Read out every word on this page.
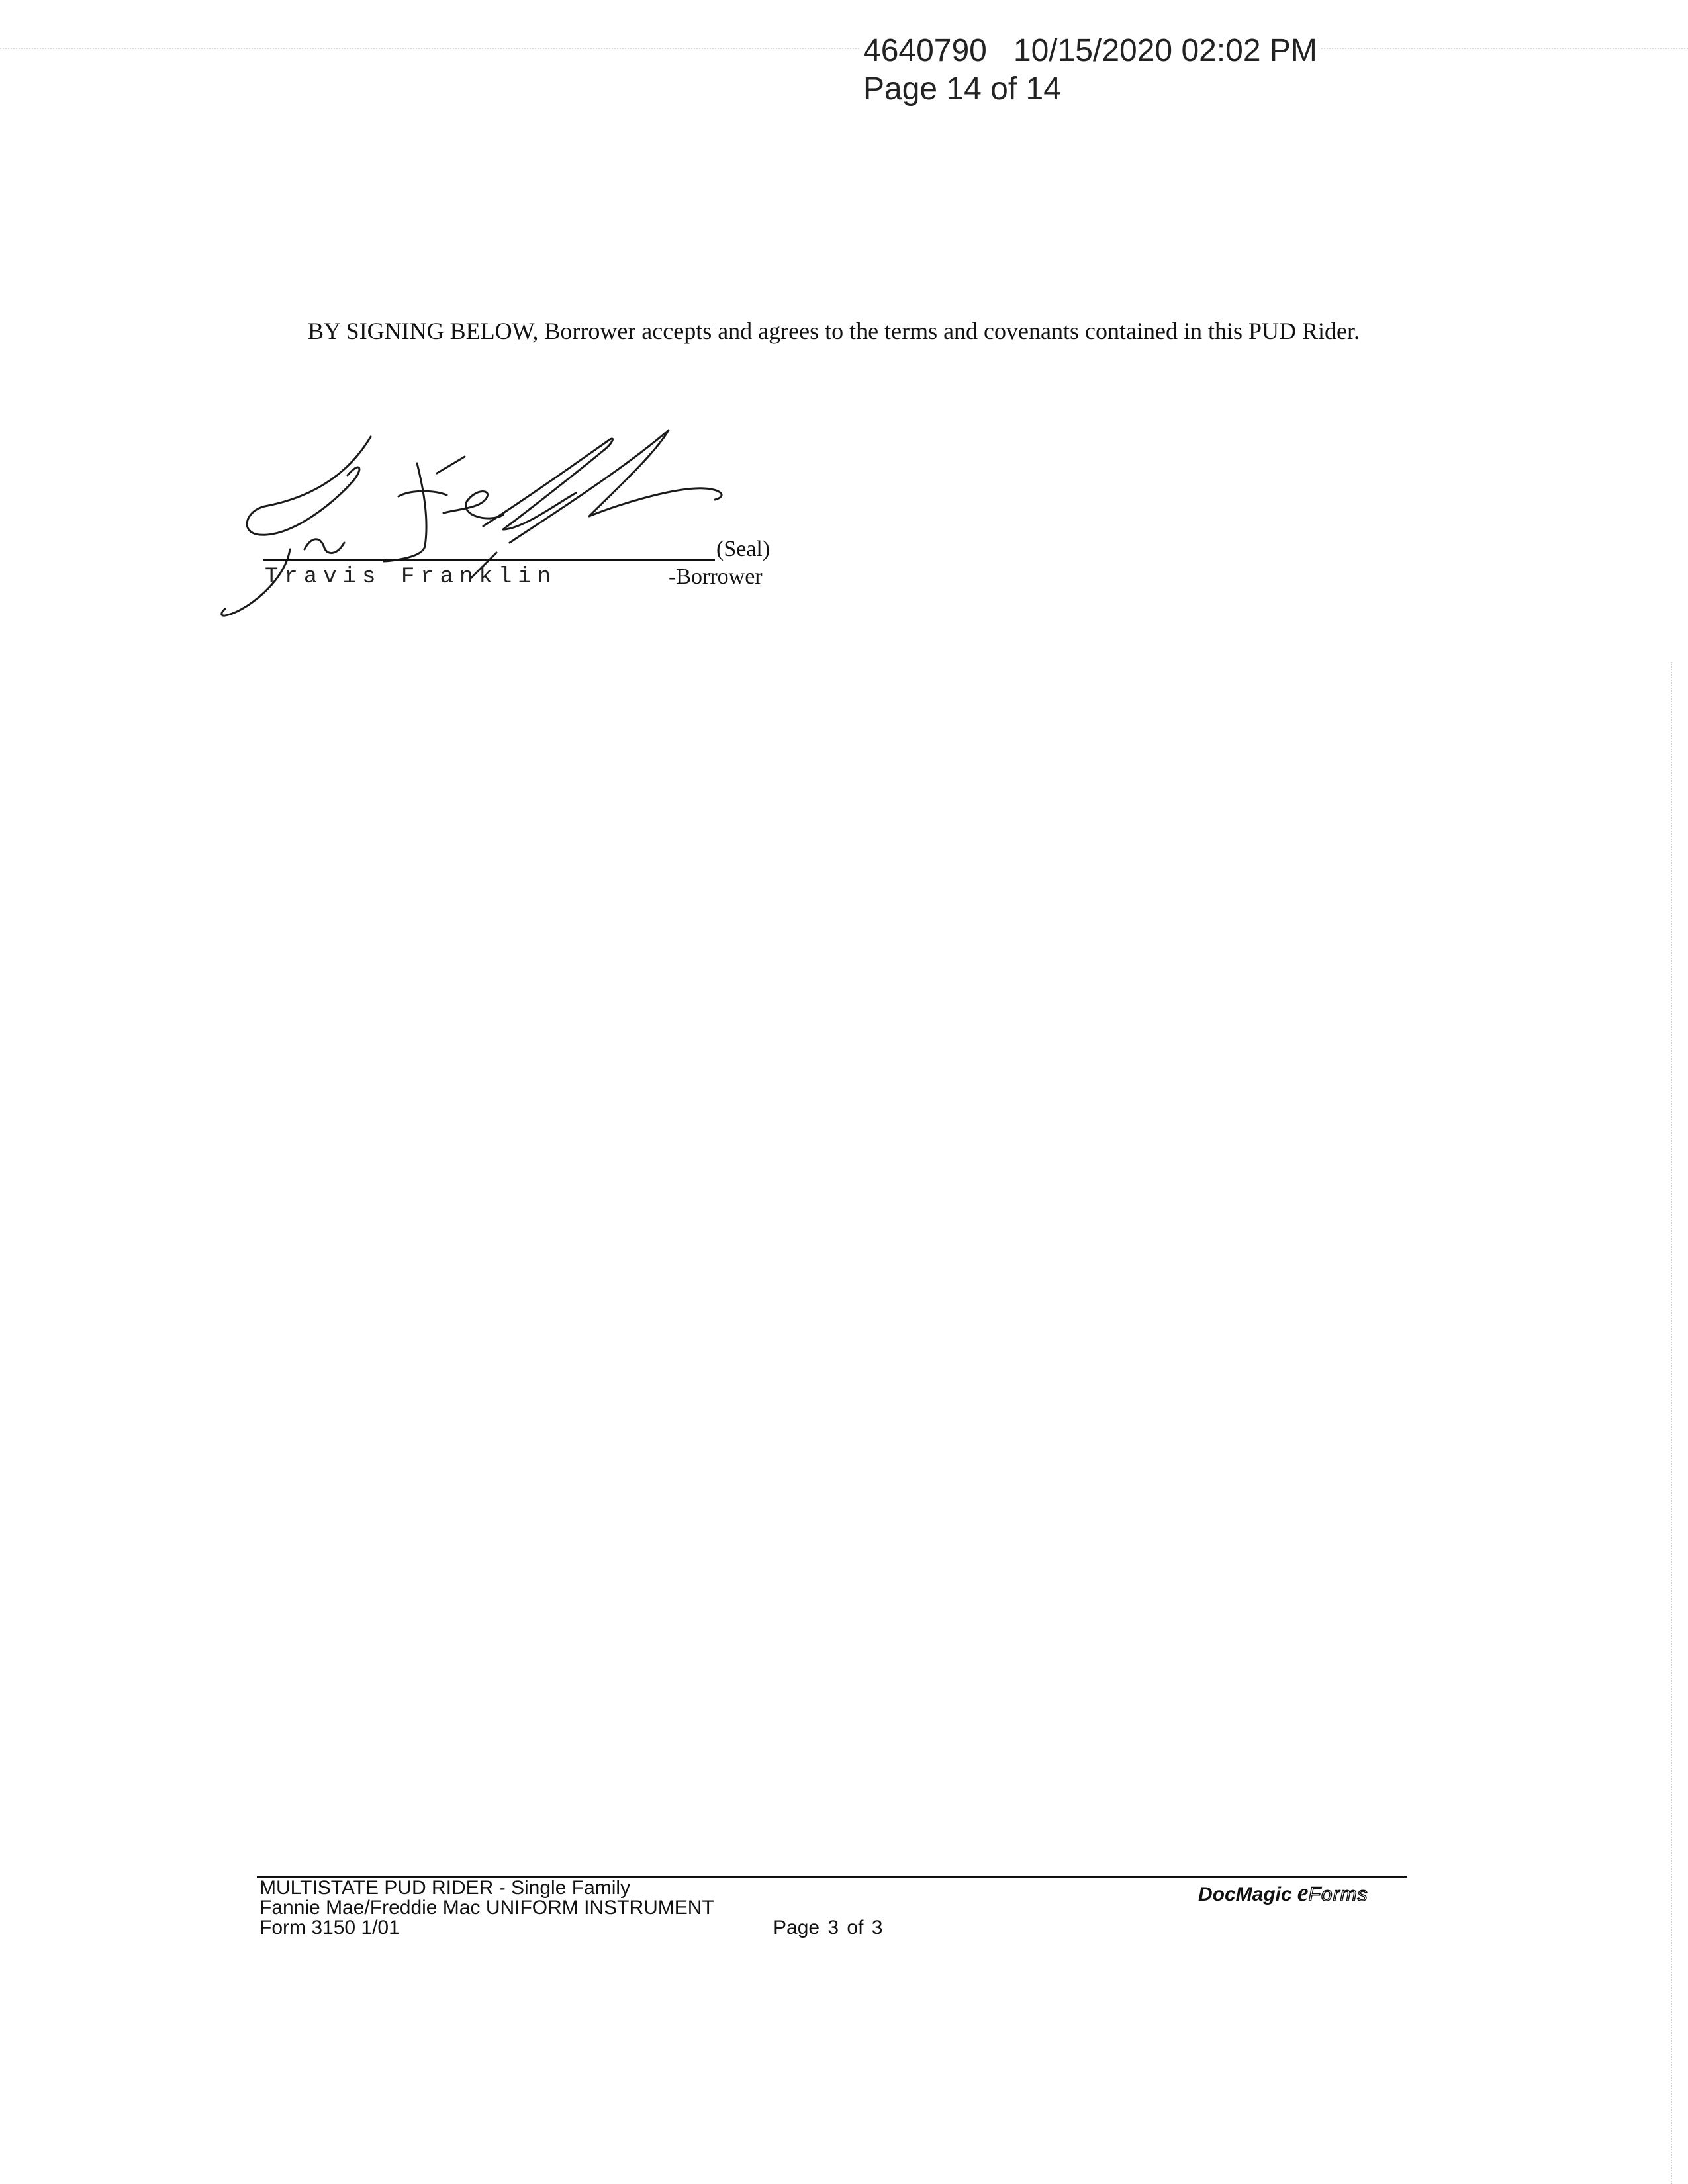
4640790 10/15/2020 02:02 PM
Page 14 of 14
BY SIGNING BELOW, Borrower accepts and agrees to the terms and covenants contained in this PUD Rider.
(Seal)
Travis Franklin	-Borrower
MULTISTATE PUD RIDER - Single Family
Fannie Mae/Freddie Mac UNIFORM INSTRUMENT
Form 3150 1/01	Page 3 of 3
DocMagic eForms
